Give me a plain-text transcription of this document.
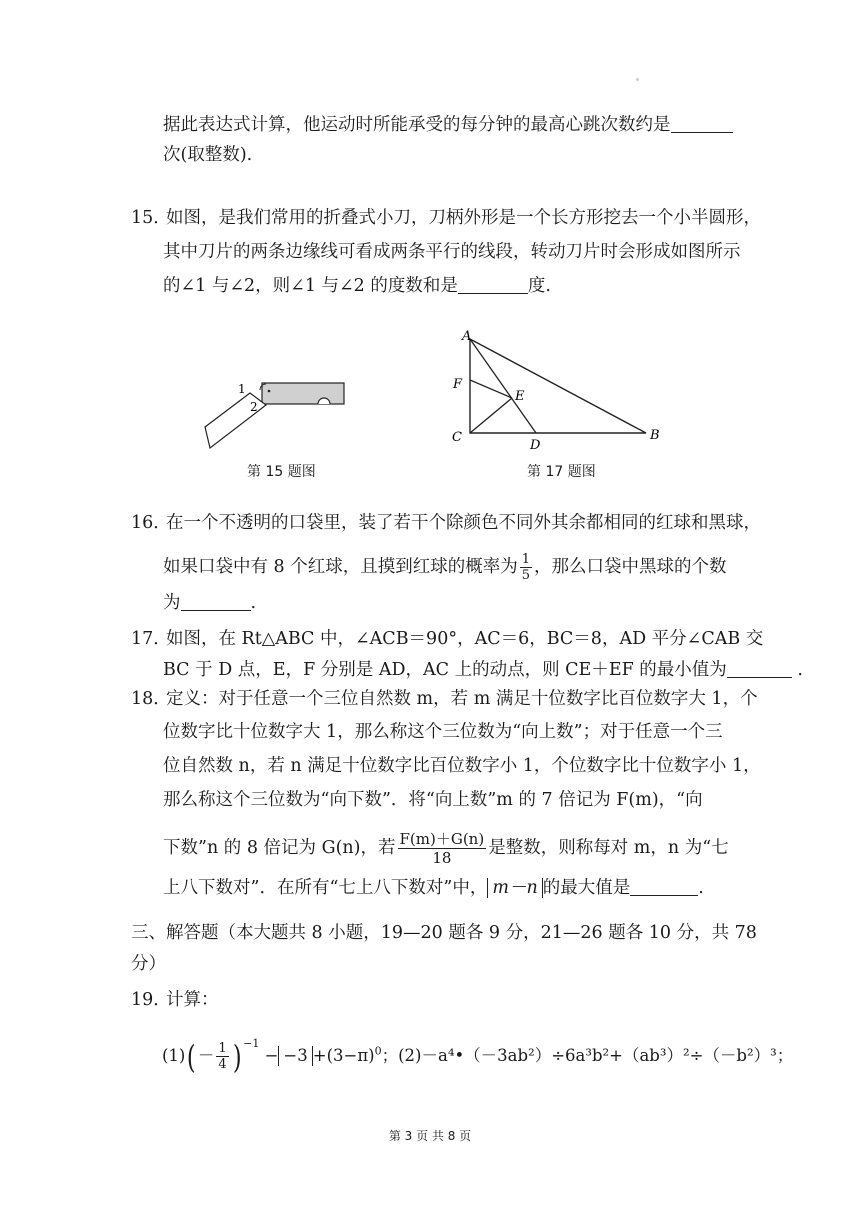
据此表达式计算，他运动时所能承受的每分钟的最高心跳次数约是
次(取整数).
15．
如图，是我们常用的折叠式小刀，刀柄外形是一个长方形挖去一个小半圆形，
其中刀片的两条边缘线可看成两条平行的线段，转动刀片时会形成如图所示
的∠1 与∠2，则∠1 与∠2 的度数和是	度.
1
2
第 15 题图
A
F
E
C
D
B
第 17 题图
16．
在一个不透明的口袋里，装了若干个除颜色不同外其余都相同的红球和黑球，
如果口袋中有 8 个红球，且摸到红球的概率为 $\frac{1}{5}$ ，那么口袋中黑球的个数
为	.
17．
如图，在 Rt△ABC 中，∠ACB＝90°，AC＝6，BC＝8，AD 平分∠CAB 交
BC 于 D 点，E，F 分别是 AD，AC 上的动点，则 CE＋EF 的最小值为	.
18．
定义：对于任意一个三位自然数 m，若 m 满足十位数字比百位数字大 1，个
位数字比十位数字大 1，那么称这个三位数为“向上数”；对于任意一个三
位自然数 n，若 n 满足十位数字比百位数字小 1，个位数字比十位数字小 1，
那么称这个三位数为“向下数”．将“向上数”m 的 7 倍记为 F(m)，“向
下数”n 的 8 倍记为 G(n)，若 $\frac{F(m)+G(n)}{18}$ 是整数，则称每对 m，n 为“七
上八下数对”．在所有“七上八下数对”中， m－n 的最大值是	.
三、解答题（本大题共 8 小题，19—20 题各 9 分，21—26 题各 10 分，共 78
分）
19．
计算：
$(1)( - \frac{1}{4}$ ) $^{-1} - -3 +(3-\pi)^0$；(2)－a⁴•（－3ab²）÷6a³b²+（ab³）²÷（－b²）³；
第 3 页 共 8 页
